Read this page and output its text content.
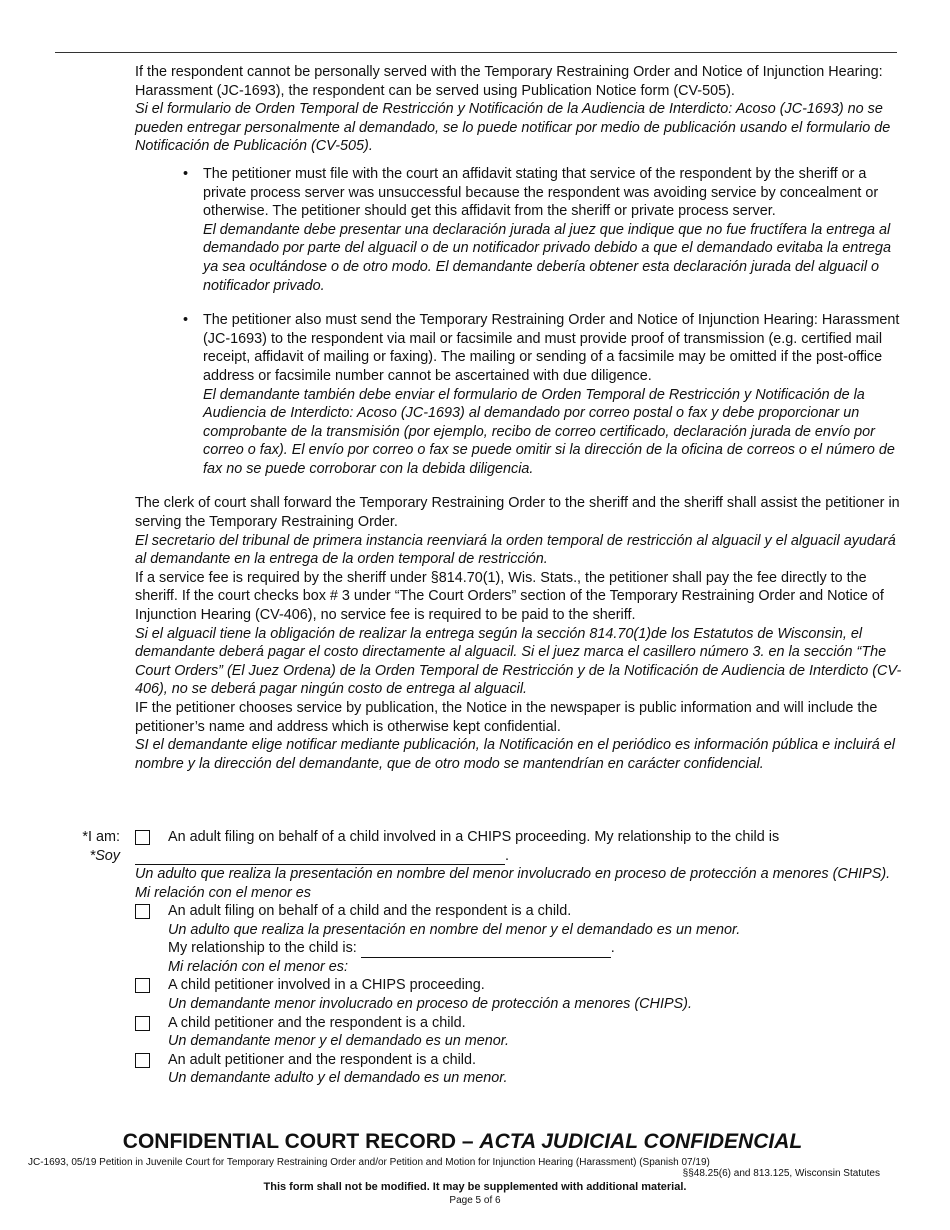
If the respondent cannot be personally served with the Temporary Restraining Order and Notice of Injunction Hearing: Harassment (JC-1693), the respondent can be served using Publication Notice form (CV-505).
Si el formulario de Orden Temporal de Restricción y Notificación de la Audiencia de Interdicto: Acoso (JC-1693) no se pueden entregar personalmente al demandado, se lo puede notificar por medio de publicación usando el formulario de Notificación de Publicación (CV-505).

• The petitioner must file with the court an affidavit stating that service of the respondent by the sheriff or a private process server was unsuccessful because the respondent was avoiding service by concealment or otherwise. The petitioner should get this affidavit from the sheriff or private process server.
El demandante debe presentar una declaración jurada al juez que indique que no fue fructífera la entrega al demandado por parte del alguacil o de un notificador privado debido a que el demandado evitaba la entrega ya sea ocultándose o de otro modo. El demandante debería obtener esta declaración jurada del alguacil o notificador privado.
• The petitioner also must send the Temporary Restraining Order and Notice of Injunction Hearing: Harassment (JC-1693) to the respondent via mail or facsimile and must provide proof of transmission (e.g. certified mail receipt, affidavit of mailing or faxing). The mailing or sending of a facsimile may be omitted if the post-office address or facsimile number cannot be ascertained with due diligence.
El demandante también debe enviar el formulario de Orden Temporal de Restricción y Notificación de la Audiencia de Interdicto: Acoso (JC-1693) al demandado por correo postal o fax y debe proporcionar un comprobante de la transmisión (por ejemplo, recibo de correo certificado, declaración jurada de envío por correo o fax). El envío por correo o fax se puede omitir si la dirección de la oficina de correos o el número de fax no se puede corroborar con la debida diligencia.

The clerk of court shall forward the Temporary Restraining Order to the sheriff and the sheriff shall assist the petitioner in serving the Temporary Restraining Order.
El secretario del tribunal de primera instancia reenviará la orden temporal de restricción al alguacil y el alguacil ayudará al demandante en la entrega de la orden temporal de restricción.

If a service fee is required by the sheriff under §814.70(1), Wis. Stats., the petitioner shall pay the fee directly to the sheriff. If the court checks box # 3 under “The Court Orders” section of the Temporary Restraining Order and Notice of Injunction Hearing (CV-406), no service fee is required to be paid to the sheriff.
Si el alguacil tiene la obligación de realizar la entrega según la sección 814.70(1)de los Estatutos de Wisconsin, el demandante deberá pagar el costo directamente al alguacil. Si el juez marca el casillero número 3. en la sección “The Court Orders” (El Juez Ordena) de la Orden Temporal de Restricción y de la Notificación de Audiencia de Interdicto (CV-406), no se deberá pagar ningún costo de entrega al alguacil.

IF the petitioner chooses service by publication, the Notice in the newspaper is public information and will include the petitioner’s name and address which is otherwise kept confidential.
SI el demandante elige notificar mediante publicación, la Notificación en el periódico es información pública e incluirá el nombre y la dirección del demandante, que de otro modo se mantendrían en carácter confidencial.

*I am:
*Soy
An adult filing on behalf of a child involved in a CHIPS proceeding. My relationship to the child is
.
Un adulto que realiza la presentación en nombre del menor involucrado en proceso de protección a menores (CHIPS). Mi relación con el menor es
An adult filing on behalf of a child and the respondent is a child.
Un adulto que realiza la presentación en nombre del menor y el demandado es un menor.
My relationship to the child is:	.
Mi relación con el menor es:
A child petitioner involved in a CHIPS proceeding.
Un demandante menor involucrado en proceso de protección a menores (CHIPS).
A child petitioner and the respondent is a child.
Un demandante menor y el demandado es un menor.
An adult petitioner and the respondent is a child.
Un demandante adulto y el demandado es un menor.
CONFIDENTIAL COURT RECORD – ACTA JUDICIAL CONFIDENCIAL
JC-1693, 05/19 Petition in Juvenile Court for Temporary Restraining Order and/or Petition and Motion for Injunction Hearing (Harassment) (Spanish 07/19)
§§48.25(6) and 813.125, Wisconsin Statutes
This form shall not be modified. It may be supplemented with additional material.
Page 5 of 6
